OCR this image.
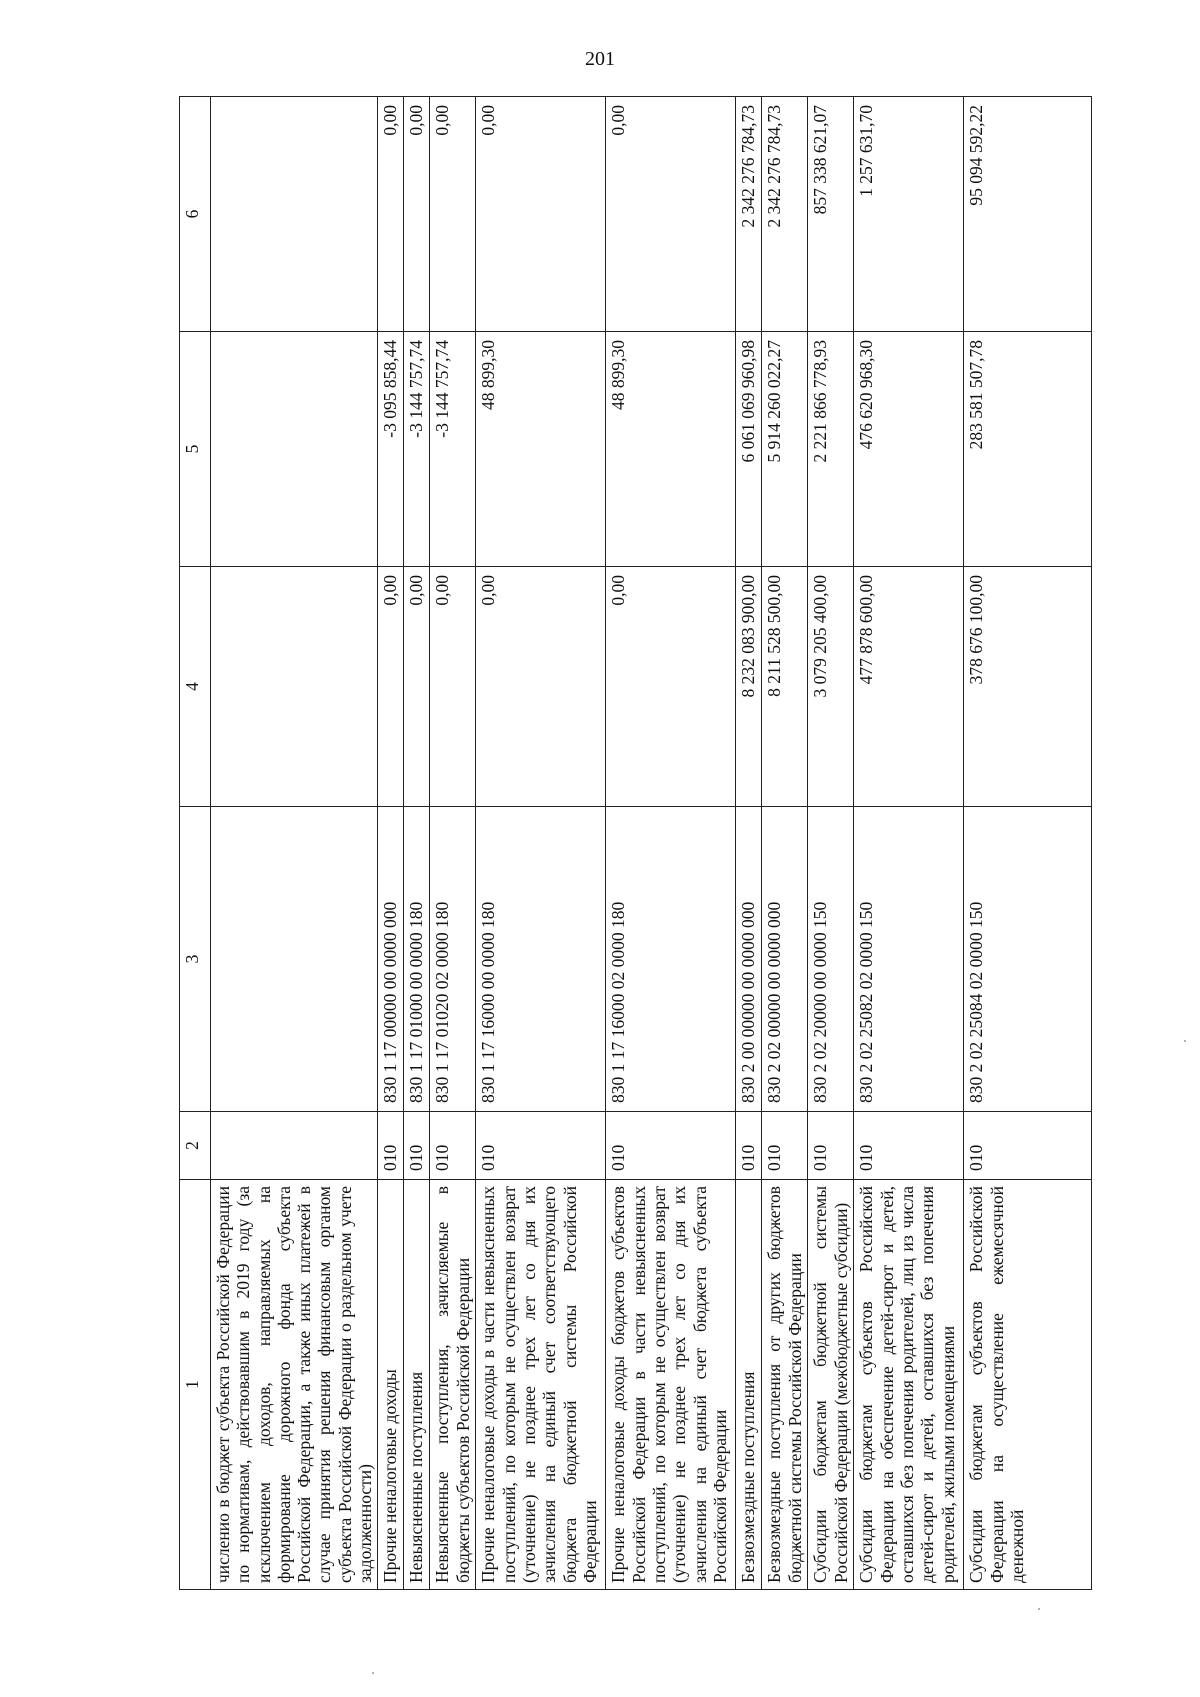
201
1	2	3	4	5	6
численио в бюджет субъекта Российской Федерации по нормативам, действовавшим в 2019 году (за исключением доходов, направляемых на формирование дорожного фонда субъекта Российской Федерации, а также иных платежей в случае принятия решения финансовым органом субъекта Российской Федерации о раздельном учете задолженности)					
Прочие неналоговые доходы	010	830 1 17 00000 00 0000 000	0,00	-3 095 858,44	0,00
Невыясненные поступления	010	830 1 17 01000 00 0000 180	0,00	-3 144 757,74	0,00
Невыясненные поступления, зачисляемые в бюджеты субъектов Российской Федерации	010	830 1 17 01020 02 0000 180	0,00	-3 144 757,74	0,00
Прочие неналоговые доходы в части невыясненных поступлений, по которым не осуществлен возврат (уточнение) не позднее трех лет со дня их зачисления на единый счет соответствующего бюджета бюджетной системы Российской Федерации	010	830 1 17 16000 00 0000 180	0,00	48 899,30	0,00
Прочие неналоговые доходы бюджетов субъектов Российской Федерации в части невыясненных поступлений, по которым не осуществлен возврат (уточнение) не позднее трех лет со дня их зачисления на единый счет бюджета субъекта Российской Федерации	010	830 1 17 16000 02 0000 180	0,00	48 899,30	0,00
Безвозмездные поступления	010	830 2 00 00000 00 0000 000	8 232 083 900,00	6 061 069 960,98	2 342 276 784,73
Безвозмездные поступления от других бюджетов бюджетной системы Российской Федерации	010	830 2 02 00000 00 0000 000	8 211 528 500,00	5 914 260 022,27	2 342 276 784,73
Субсидии бюджетам бюджетной системы Российской Федерации (межбюджетные субсидии)	010	830 2 02 20000 00 0000 150	3 079 205 400,00	2 221 866 778,93	857 338 621,07
Субсидии бюджетам субъектов Российской Федерации на обеспечение детей-сирот и детей, оставшихся без попечения родителей, лиц из числа детей-сирот и детей, оставшихся без попечения родителей, жилыми помещениями	010	830 2 02 25082 02 0000 150	477 878 600,00	476 620 968,30	1 257 631,70
Субсидии бюджетам субъектов Российской Федерации на осуществление ежемесячной денежной	010	830 2 02 25084 02 0000 150	378 676 100,00	283 581 507,78	95 094 592,22
